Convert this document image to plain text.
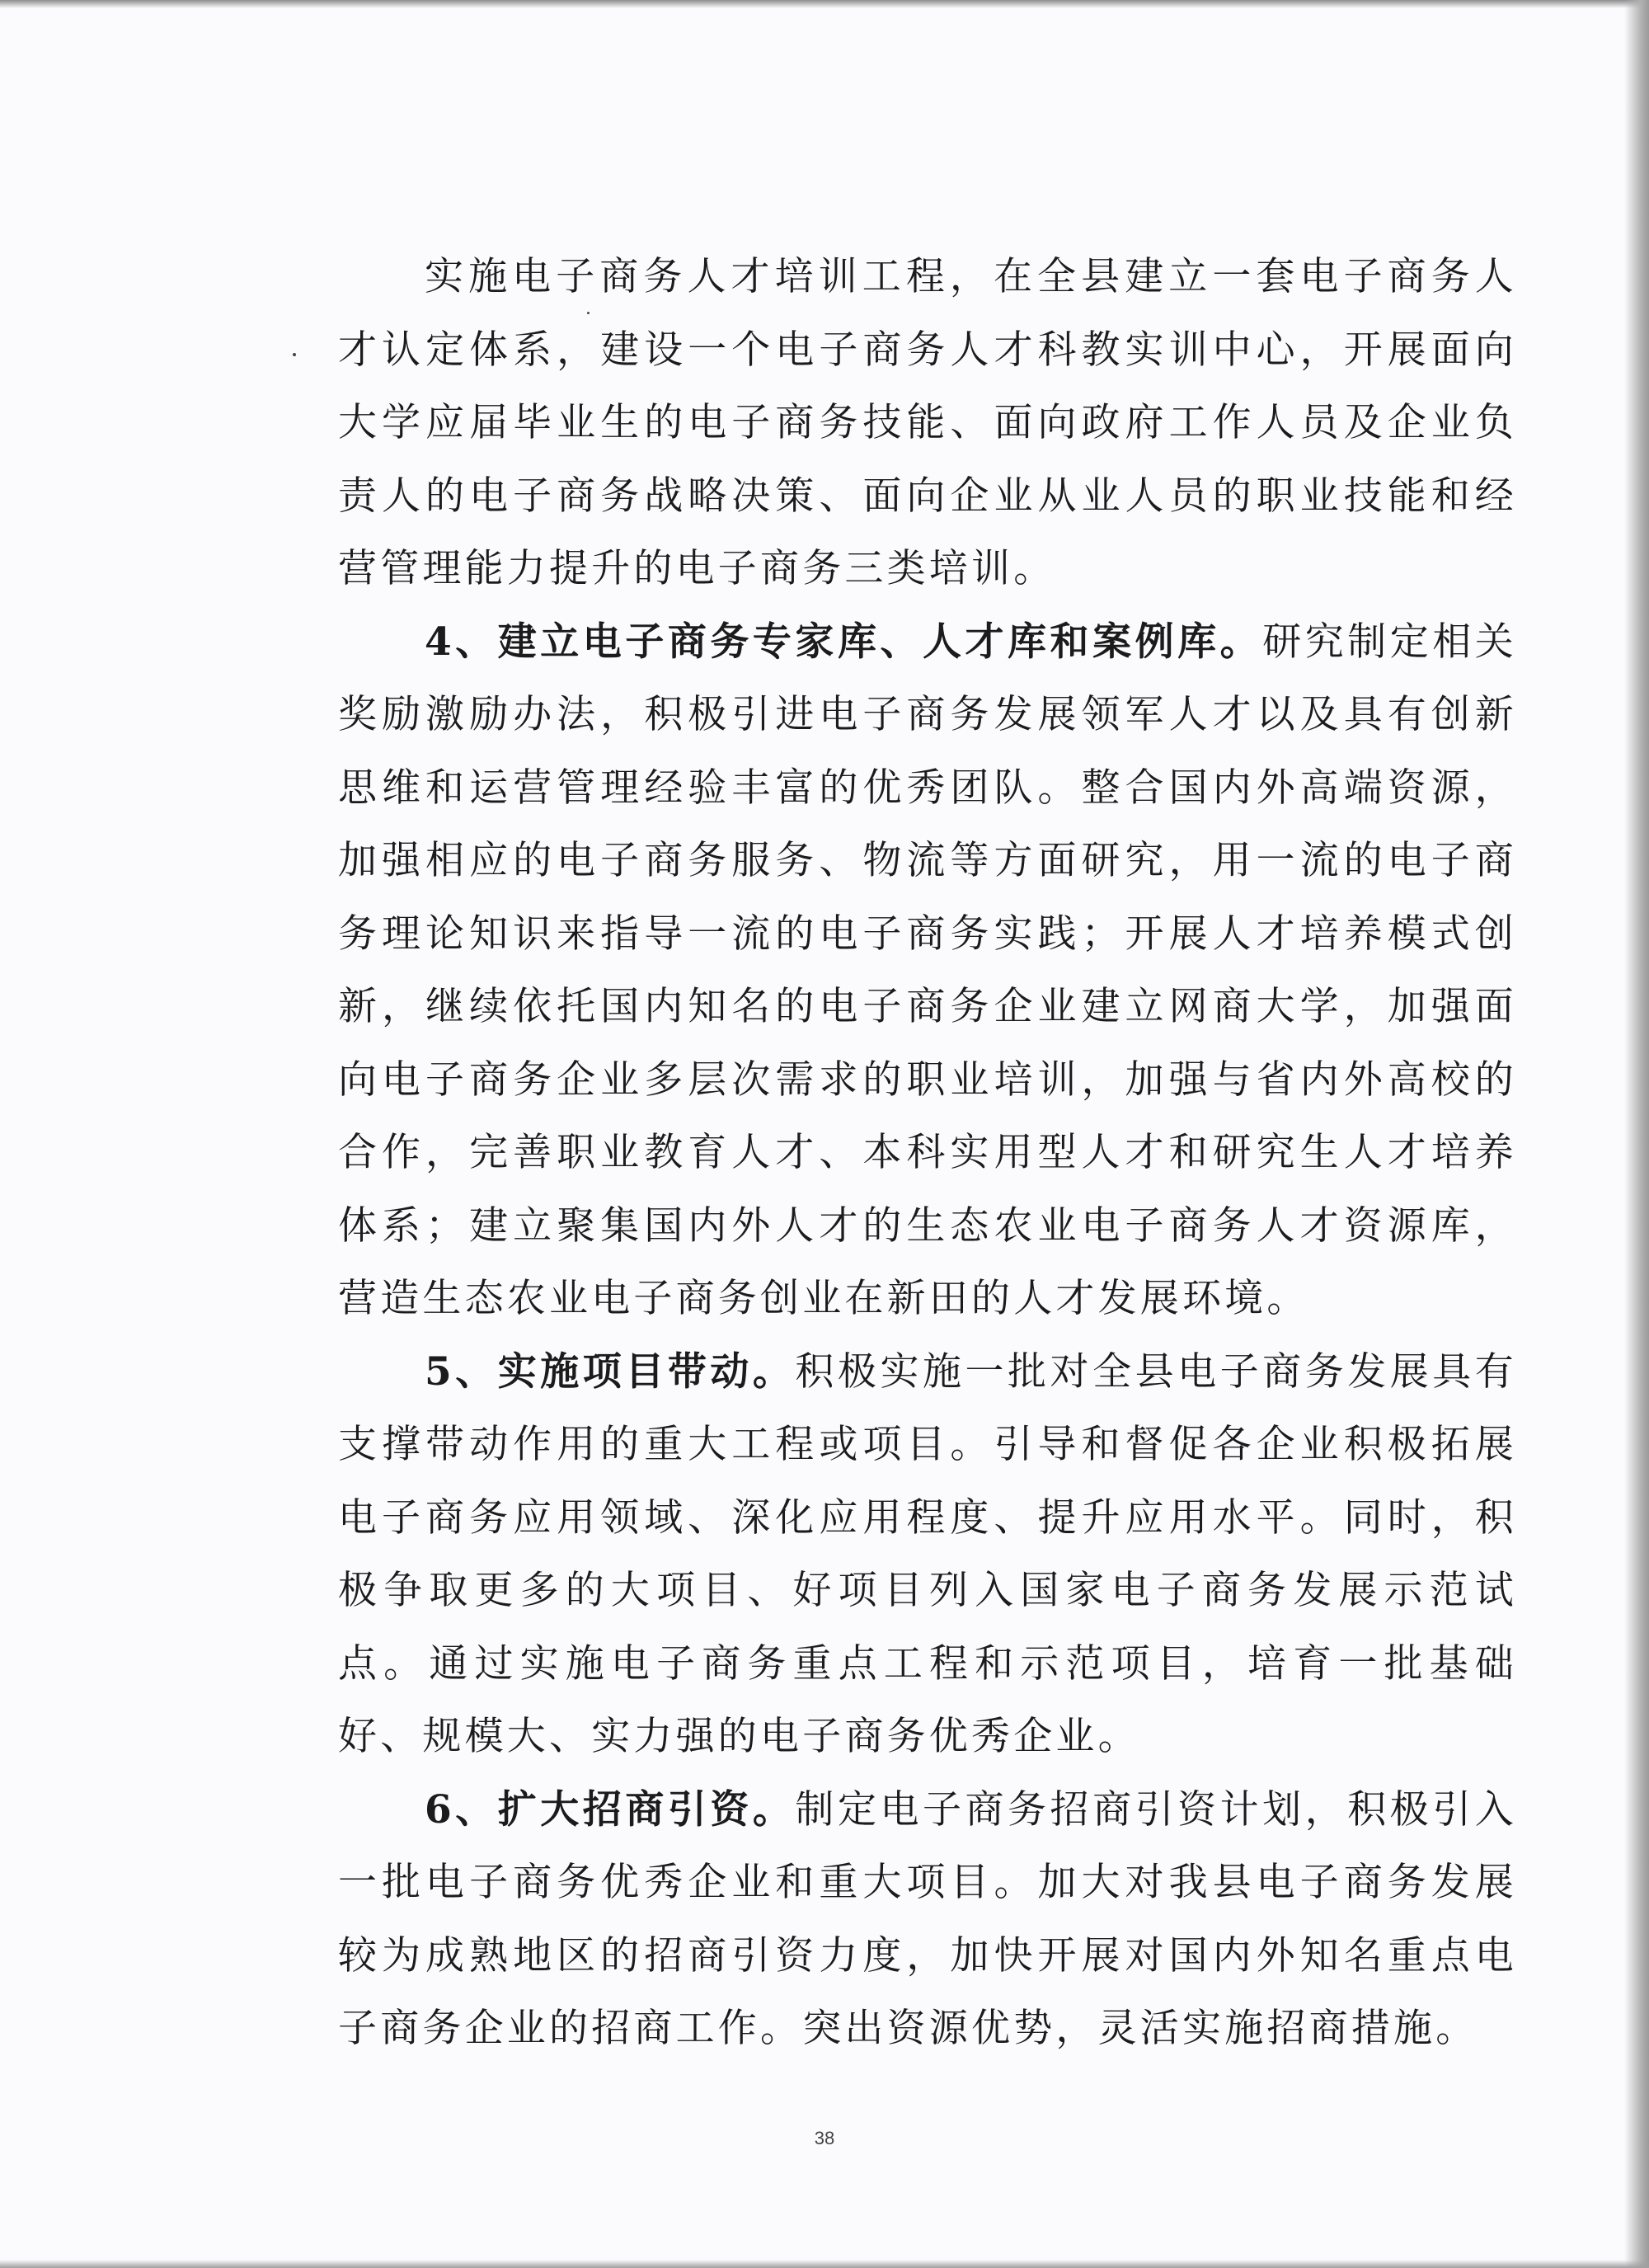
实施电子商务人才培训工程，在全县建立一套电子商务人才认定体系，建设一个电子商务人才科教实训中心，开展面向大学应届毕业生的电子商务技能、面向政府工作人员及企业负责人的电子商务战略决策、面向企业从业人员的职业技能和经营管理能力提升的电子商务三类培训。

4、建立电子商务专家库、人才库和案例库。研究制定相关奖励激励办法，积极引进电子商务发展领军人才以及具有创新思维和运营管理经验丰富的优秀团队。整合国内外高端资源，加强相应的电子商务服务、物流等方面研究，用一流的电子商务理论知识来指导一流的电子商务实践；开展人才培养模式创新，继续依托国内知名的电子商务企业建立网商大学，加强面向电子商务企业多层次需求的职业培训，加强与省内外高校的合作，完善职业教育人才、本科实用型人才和研究生人才培养体系；建立聚集国内外人才的生态农业电子商务人才资源库，营造生态农业电子商务创业在新田的人才发展环境。

5、实施项目带动。积极实施一批对全县电子商务发展具有支撑带动作用的重大工程或项目。引导和督促各企业积极拓展电子商务应用领域、深化应用程度、提升应用水平。同时，积极争取更多的大项目、好项目列入国家电子商务发展示范试点。通过实施电子商务重点工程和示范项目，培育一批基础好、规模大、实力强的电子商务优秀企业。

6、扩大招商引资。制定电子商务招商引资计划，积极引入一批电子商务优秀企业和重大项目。加大对我县电子商务发展较为成熟地区的招商引资力度，加快开展对国内外知名重点电子商务企业的招商工作。突出资源优势，灵活实施招商措施。

38
